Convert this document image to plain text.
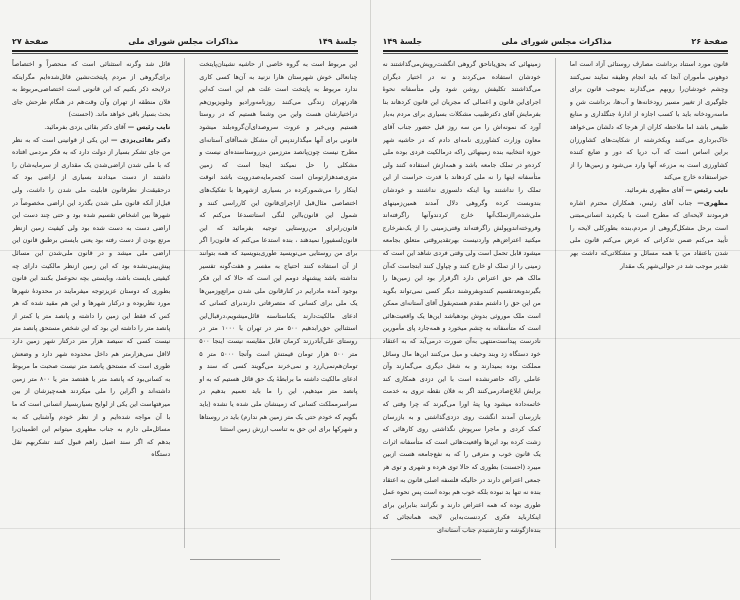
صفحهٔ ۲۶
مذاکرات مجلس شورای ملی
جلسهٔ ۱۴۹

قانون مورد استناد برداشت مصارف روستائی آزاد است اما دوهونی مأموران آنجا که باید انجام وظیفه نمایند نمی‌کنند وچشم خودشان‌را روبهم می‌گذارند بموجب قانون برای جلوگیری از تغییر مسیر رودخانه‌ها و آب‌ها، برداشت شن و ماسه‌رودخانه باید با کسب اجازه از ادارهٔ جنگلداری و منابع طبیعی باشد اما ملاحظه کاران از هرجا که دلشان می‌خواهد خاک‌برداری می‌کنند ویکخرشته از شکایت‌های کشاورزان براین اساس است که آب دریا که دور و ضایع کننده کشاورزی است به مزرعه آنها وارد می‌شود و زمین‌ها را از حیزاستفاده خارج می‌کند

نایب رئیس — آقای مظهری بفرمائید.

مظهری— جناب آقای رئیس، همکاران محترم اشاره فرمودند لایحه‌ای که مطرح است با یکم‌دید انسانی‌مبتنی است برحل مشکل‌گروهی از مردم،بنده بطورکلی لایحه را تأیید می‌کنم ضمن تذکراتی که عرض می‌کنم قانون ملی شدن باعتقاد من با همه مسائل و مشکلاتی‌که داشت بهر تقدیر موجب شد در حوالی‌شهر یک مقدار

زمینهائی که بحق‌یاناحق گروهی انگشت‌رویش‌می‌گذاشتند نه خودشان استفاده می‌کردند و نه در اختیار دیگران می‌گذاشتند تکلیفش روشن شود ولی متأسفانه نحوهٔ اجرای‌این قانون و اعمالی که مجریان این قانون کردهاند بنا بفرمایش آقای دکترطبیب مشکلات بسیاری برای مردم به‌بار آورد که نمونه‌اش را من سه روز قبل حضور جناب آقای معاون وزارت کشاورزی نامه‌ای دادم که در حاشیه شهر حوزه انتخابیه بنده زمینهائی راکه درمالکیت فردی بوده ملی کرده‌و در تملک جامعه باشد و همه‌ازش استفاده کنند ولی متأسفانه اینها را نه ملی کردهاند با قدرت حراست از این تملک را نداشتند ویا اینکه دلسوزی نداشتند و خودشان بندوبست کرده وگروهی دلال آمدند همین‌زمینهای ملی‌شده‌راازتملک‌آنها خارج کردندوآنها راگرفته‌اند وفروخته‌اندوپولش راگرفته‌اند وقتی‌زمینی را از یک‌نفرخارج میکنید اعتراض‌هم واردنیست بهرتقدیروقتی متعلق بجامعه میشود قابل تحمل است ولی وقتی فردی شاهد این است که زمینی را از تملک او خارج کنند و چپاول کنند ابتجاست که‌آن مالک هم حق اعتراض دارد اگرقرار بود این زمین‌ها را بگیرندوبعدتقسیم کنندوبفروشند دیگر کسی نمی‌تواند بگوید من این حق را داشتم مقدم هستم‌بقول آقای آستانه‌ای ممکن است ملک موروثی بدوش بودهباشد این‌ها یک واقعیت‌هائی است که متأسفانه به چشم میخورد و همه‌جارد پای مأمورین نادرست پیداست‌منتهی به‌آن صورت درمی‌آید که به اعتقاد خود دستگاه زد وبند وحیف و میل می‌کنند این‌ها مال وسائل مملکت بوده بمیدارند و به شغل دیگری می‌گمارند وآن عاملی راکه حاضرنشده است با این دزدی همکاری کند برایش ابلاغ‌صادرمی‌کنند اگر به فلان نقطه تروی به خدمت خاتمه‌داده میشود ویا پتهٔ اورا می‌گیرند که چرا وقتی که بازرسان آمدند انگشت روی دزدی‌گذاشتی و به بازرسان کمک کردی و ماجرا سرپوش نگذاشتی روی کارهائی که زشت کرده بود این‌ها واقعیت‌هائی است که متأسفانه اثرات یک قانون خوب و مترقی را که به نفع‌جامعه هست ازبین میبرد (احسنت) بطوری که حالا توی هرده و شهری و توی هر جمعی اعتراض دارند در حالیکه فلسفه اصلی قانون به اعتقاد بنده نه تنها بد نبوده بلکه خوب هم بوده است پس نحوه عمل طوری بوده که همه اعتراض دارند و نگرانند بنابراین برای اینکارباید فکری کردنست‌به‌این لایحه همانجائی که بنده‌ازگوشه و تنارشنیدم جناب آستانه‌ای

جلسهٔ ۱۴۹
مذاکرات مجلس شورای ملی
صفحهٔ ۲۷

این مربوط است به گروه خاصی از حاشیه نشینان‌پایتخت چنانعالی خوش شهرستان هارا نزنید به آن‌ها کسی کاری ندارد مربوط به پایتخت است علت هم این است که‌این هادرتهران زندگی می‌کنند روزنامه‌ورادیو وتلویزیون‌هم دراختیارشان هست واین من وشما هستیم که در روستا هستیم وبی‌خبر و عروت سروصدای‌آن‌گروه‌بلند میشود قانونی برای آنها میگذارندپس آن مشکل شماآقای آستانه‌ای مطرح نیست چون‌پانصد مترزمین درروستاسنده‌ای نیست و مشکلی را حل نمیکند اینجا است که زمین متری‌صدهزارتومان است کجمرمایه‌صدروپت باشد انوقت اینکار را می‌شمورکرده در بسیاری ازشهرها با تفکیک‌های اختصاصی مثال‌قبل ازاجرای‌قانون این کارراسی کنند و شمول این قانون‌بااین لنگی استاتسدعا می‌کنم که قانون‌رابرای من‌روستایی توجیه بفرمائید که این قانون‌لسفیورا نمیدهند ، بنده استدعا می‌کنم که قانون‌را اگر برای من روستایی می‌نویسید طوری‌بنویسید که همه بتوانند از آن استفاده کنند احتیاج به مفسر و هفت‌گونه تفسیر نداشته باشد پیشنهاد دومم این است که حالا که این فکر بوجود آمده مادرایم در کنارقانون ملی شدن مراتع‌وزمین‌ها یک ملی برای کسانی که متصرفاتی دارند‌برای کسانی که ادعای مالکیت‌دارند یکناستاسنه قائل‌میشویم‌،درقبال‌این استثنااین حق‌رابدهیم ۵۰۰ متر در تهران یا ۱۰۰۰ متر در روستای علی‌آبادرزند کرمان قابل مقایسه نیست اینجا ۵۰۰ متر ۵۰۰ هزار تومان قیمتش است وآنجا ۵۰۰۰ متر ۵ تومان‌هم‌نمی‌ارزد و نمی‌خرند می‌گویند کسی که سند و ادعای مالکیت داشته ما برابطهٔ یک حق قائل هستیم که به او پانصد متر میدهیم، این را ما باید تعمیم بدهیم در سراسرمملکت کسانی که زمینشان ملی شده یا نشده (باید بگویم که خودم حتی یک متر زمین هم ندارم) باید در روستاها و شهرکها برای این حق به تناسب ارزش زمین استثنا

قائل شد وگرنه استثنائی است که منحصراً و اختصاصاً برای‌گروهی از مردم پایتخت‌نشین قائل‌شده‌ایم مگراینکه درلایحه ذکر بکنیم که این قانونی است اختصاصی‌مربوط به فلان منطقه از تهران وآن وقت‌هم در هنگام طرحش جای بحث بسیار باقی خواهد ماند. (احسنت)

نایب رئیس — آقای دکتر بقائی یزدی بفرمائید.

دکتر بقائی‌یزدی — این یکی از قوانینی است که به نظر من جای تشکر بسیار از دولت دارد که به فکر مردمی افتاده که با ملی شدن اراضی‌شدن یک مقداری از سرمایه‌شان را داشتند از دست میدادند بسیاری از اراضی بود که درحقیقت‌از نظرقانون قابلیت ملی شدن را داشت، ولی قبل‌از آنکه قانون ملی شدن بگذرد این اراضی مخصوصاً در شهرها بین اشخاص تقسیم شده بود و حتی چند دست این اراضی دست به دست شده بود ولی کیفیت زمین ازنظر مرتع بودن از دست رفته بود یعنی بایستی برطبق قانون این اراضی ملی میشد و در قانون ملی‌شدن این مسائل پیش‌بینی‌نشده بود که این زمین ازنظر مالکیت دارای چه کیفیتی بایست باشد، وبایستی بچه نحوعمل بکنند این قانون بطوری که دوستان عزیزتوجه میفرمایند در محدودهٔ شهرها مورد نظربوده و درکنار شهرها و این هم مقید شده که هر کس که فقط این زمین را داشته و پانصد متر یا کمتر از پانصد متر را داشته این بود که این شخص مستحق پانصد متر نیست کسی که سیصد هزار متر درکنار شهر زمین دارد لااقل سی‌هزارمتر هم داخل محدوده شهر دارد و وضعش طوری است که مستحق پانصد متر نیست صحبت ما مربوط به کسانی‌بود که پانصد متر یا هفتصد متر یا ۸۰۰ متر زمین داشته‌اند و اگراین را ملی میکردند همه‌چیزشان از بین میرفتهاست این یکی از لوایح بسیاربسیار انسانی است که ما با آن مواجه شده‌ایم و از نظر خودم وآشنایی که به مسائل‌ملی دارم به جناب مظهری میتوانم این اطمینان‌را بدهم که اگر سند اصیل راهم قبول کنند تشکربهم نقل دستگاه
